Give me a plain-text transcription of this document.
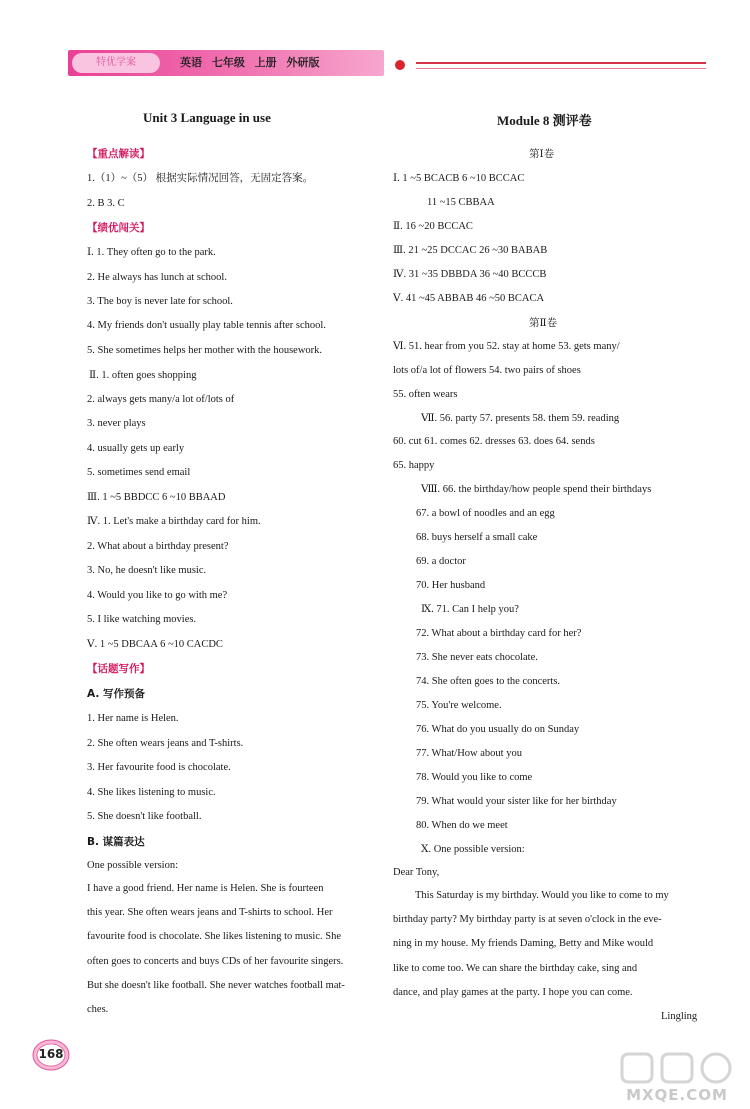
特优学案	英语 七年级 上册 外研版
Unit 3 Language in use
【重点解读】
1.（1）~（5） 根据实际情况回答，无固定答案。
2. B 3. C
【绩优闯关】
Ⅰ. 1. They often go to the park.
2. He always has lunch at school.
3. The boy is never late for school.
4. My friends don't usually play table tennis after school.
5. She sometimes helps her mother with the housework.
Ⅱ. 1. often goes shopping
2. always gets many/a lot of/lots of
3. never plays
4. usually gets up early
5. sometimes send email
Ⅲ. 1 ~5 BBDCC 6 ~10 BBAAD
Ⅳ. 1. Let's make a birthday card for him.
2. What about a birthday present?
3. No, he doesn't like music.
4. Would you like to go with me?
5. I like watching movies.
Ⅴ. 1 ~5 DBCAA 6 ~10 CACDC
【话题写作】
A. 写作预备
1. Her name is Helen.
2. She often wears jeans and T-shirts.
3. Her favourite food is chocolate.
4. She likes listening to music.
5. She doesn't like football.
B. 谋篇表达
One possible version:
I have a good friend. Her name is Helen. She is fourteen
this year. She often wears jeans and T-shirts to school. Her
favourite food is chocolate. She likes listening to music. She
often goes to concerts and buys CDs of her favourite singers.
But she doesn't like football. She never watches football mat-
ches.
Module 8 测评卷
第Ⅰ卷
Ⅰ. 1 ~5 BCACB 6 ~10 BCCAC
11 ~15 CBBAA
Ⅱ. 16 ~20 BCCAC
Ⅲ. 21 ~25 DCCAC 26 ~30 BABAB
Ⅳ. 31 ~35 DBBDA 36 ~40 BCCCB
Ⅴ. 41 ~45 ABBAB 46 ~50 BCACA
第Ⅱ卷
Ⅵ. 51. hear from you 52. stay at home 53. gets many/
lots of/a lot of flowers 54. two pairs of shoes
55. often wears
Ⅶ. 56. party 57. presents 58. them 59. reading
60. cut 61. comes 62. dresses 63. does 64. sends
65. happy
Ⅷ. 66. the birthday/how people spend their birthdays
67. a bowl of noodles and an egg
68. buys herself a small cake
69. a doctor
70. Her husband
Ⅸ. 71. Can I help you?
72. What about a birthday card for her?
73. She never eats chocolate.
74. She often goes to the concerts.
75. You're welcome.
76. What do you usually do on Sunday
77. What/How about you
78. Would you like to come
79. What would your sister like for her birthday
80. When do we meet
Ⅹ. One possible version:
Dear Tony,
This Saturday is my birthday. Would you like to come to my
birthday party? My birthday party is at seven o'clock in the eve-
ning in my house. My friends Daming, Betty and Mike would
like to come too. We can share the birthday cake, sing and
dance, and play games at the party. I hope you can come.
Lingling
168
MXQE.COM
